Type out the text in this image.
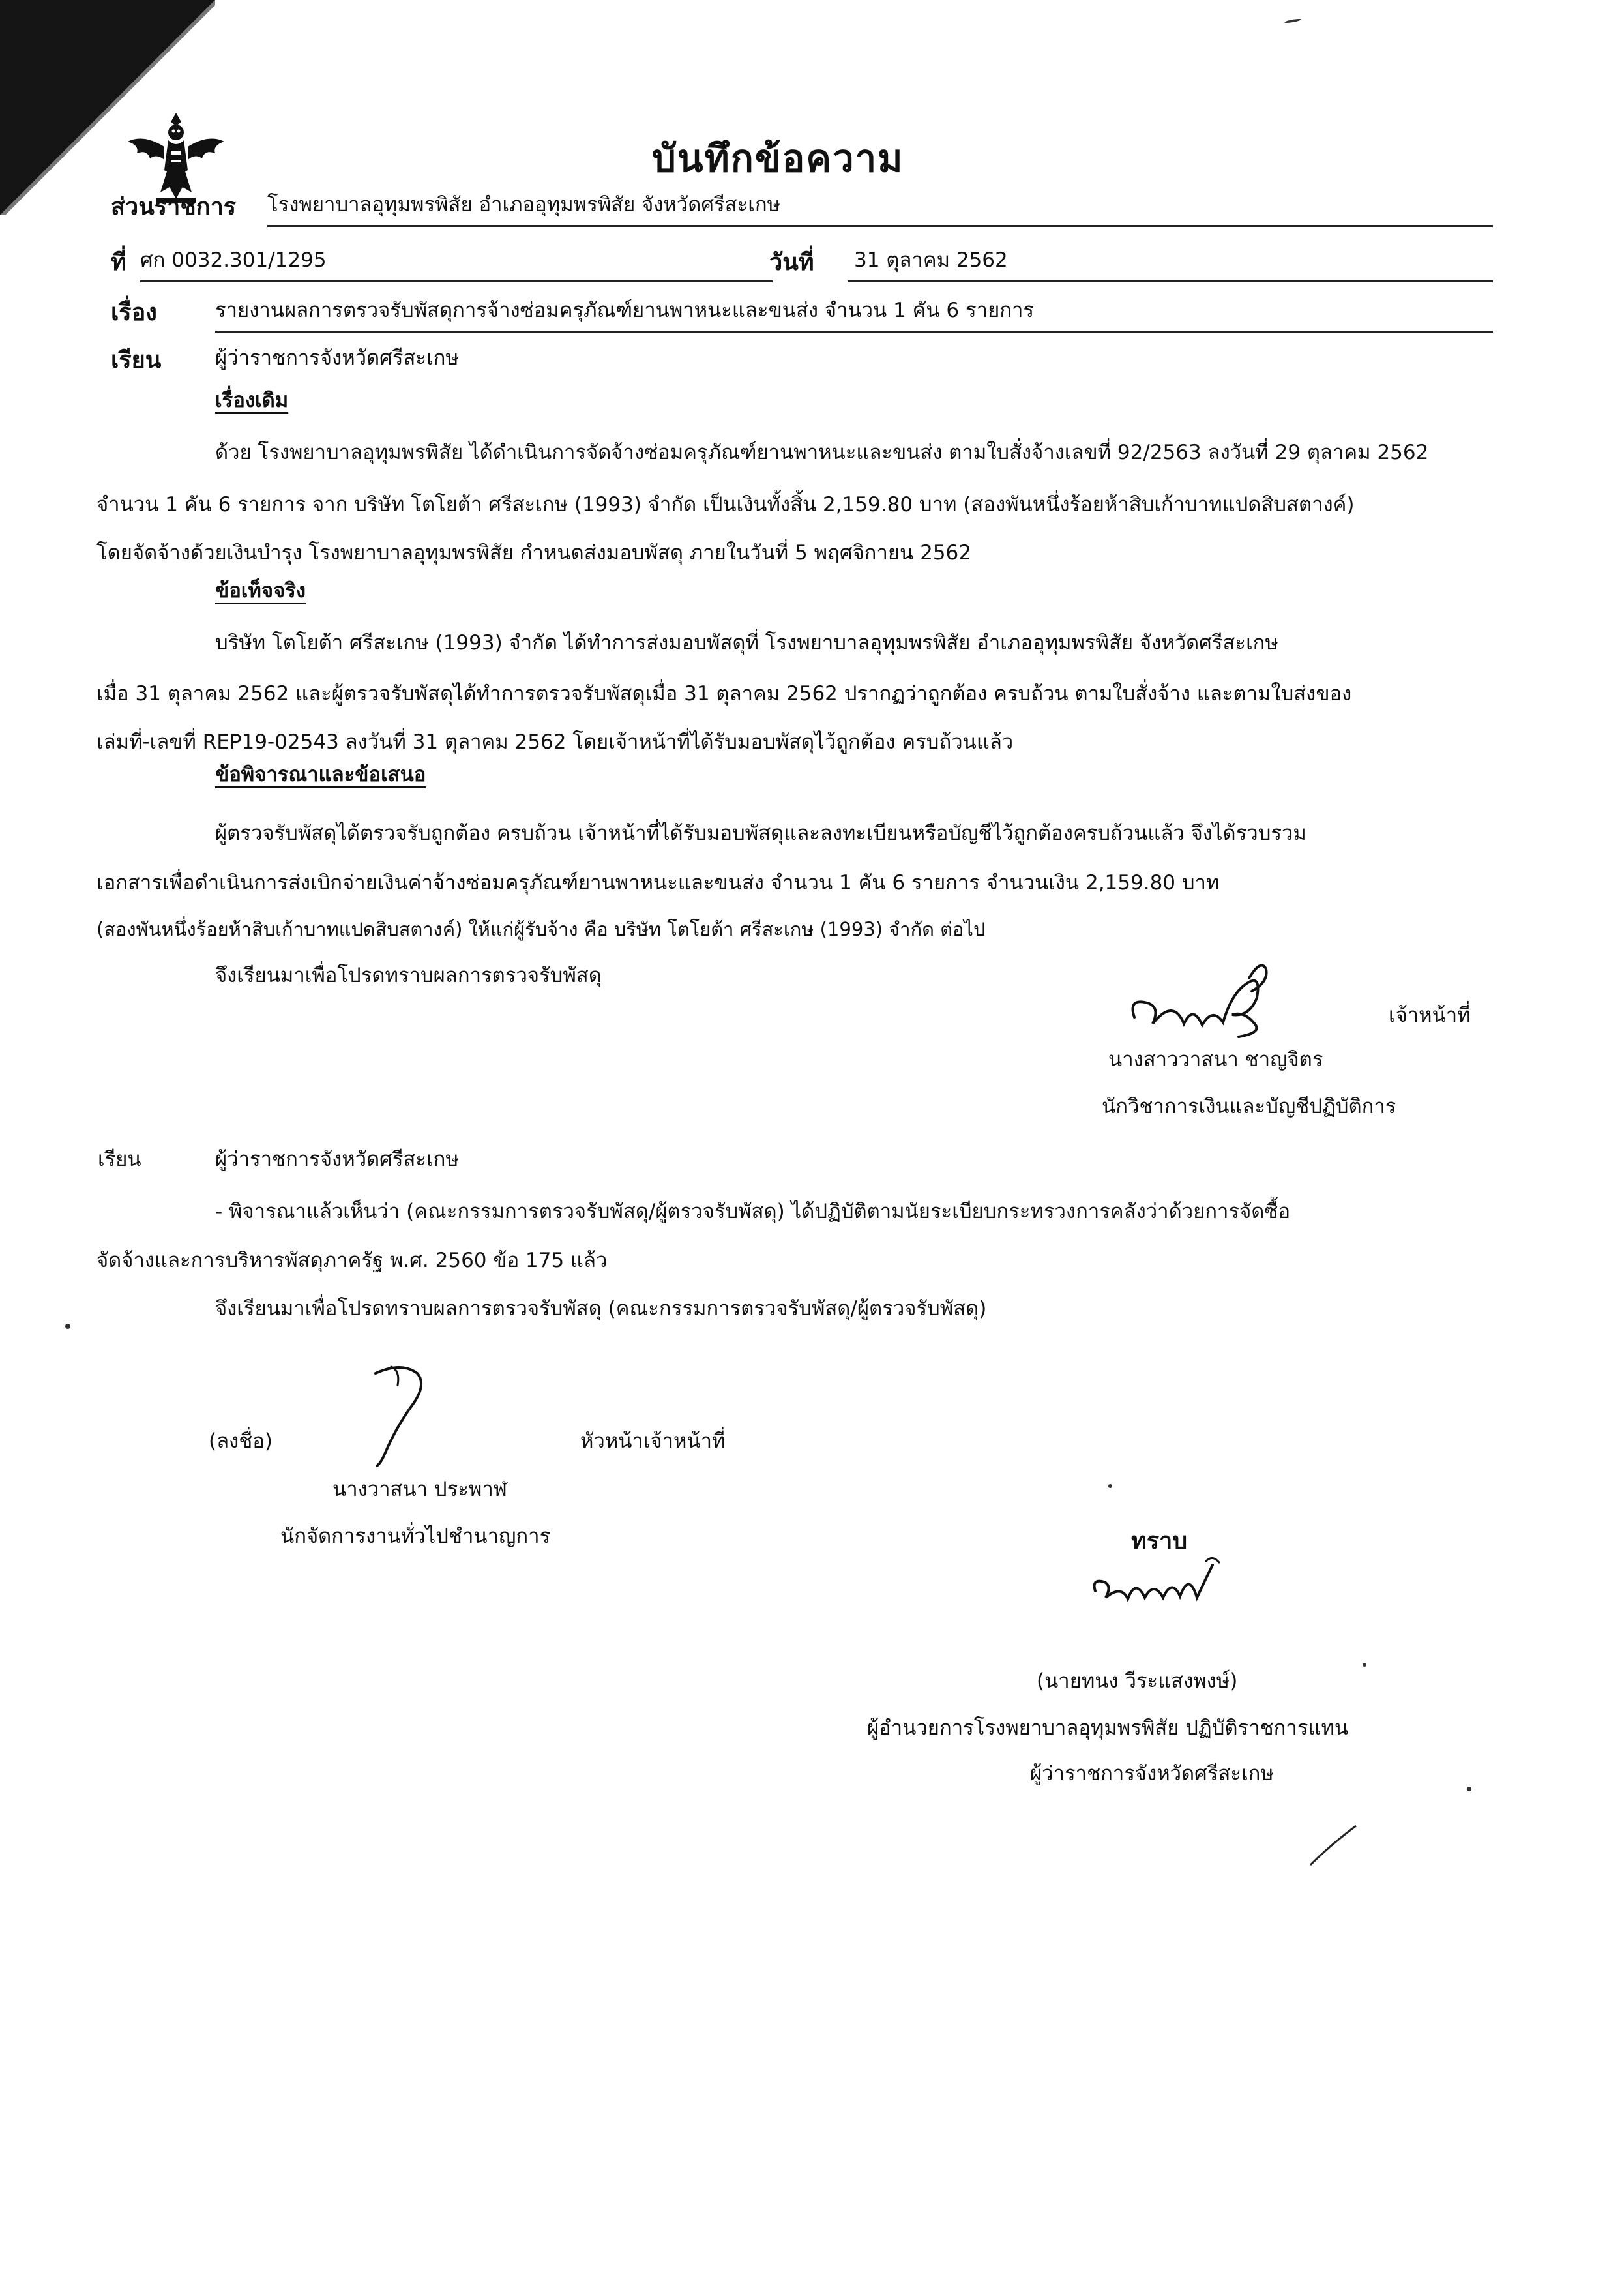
บันทึกข้อความ
ส่วนราชการ โรงพยาบาลอุทุมพรพิสัย อำเภออุทุมพรพิสัย จังหวัดศรีสะเกษ
ที่ ศก 0032.301/1295	วันที่ 31 ตุลาคม 2562
เรื่อง	รายงานผลการตรวจรับพัสดุการจ้างซ่อมครุภัณฑ์ยานพาหนะและขนส่ง จำนวน 1 คัน 6 รายการ
เรียน	ผู้ว่าราชการจังหวัดศรีสะเกษ
เรื่องเดิม
ด้วย โรงพยาบาลอุทุมพรพิสัย ได้ดำเนินการจัดจ้างซ่อมครุภัณฑ์ยานพาหนะและขนส่ง ตามใบสั่งจ้างเลขที่ 92/2563 ลงวันที่ 29 ตุลาคม 2562
จำนวน 1 คัน 6 รายการ จาก บริษัท โตโยต้า ศรีสะเกษ (1993) จำกัด เป็นเงินทั้งสิ้น 2,159.80 บาท (สองพันหนึ่งร้อยห้าสิบเก้าบาทแปดสิบสตางค์)
โดยจัดจ้างด้วยเงินบำรุง โรงพยาบาลอุทุมพรพิสัย กำหนดส่งมอบพัสดุ ภายในวันที่ 5 พฤศจิกายน 2562
ข้อเท็จจริง
บริษัท โตโยต้า ศรีสะเกษ (1993) จำกัด ได้ทำการส่งมอบพัสดุที่ โรงพยาบาลอุทุมพรพิสัย อำเภออุทุมพรพิสัย จังหวัดศรีสะเกษ
เมื่อ 31 ตุลาคม 2562 และผู้ตรวจรับพัสดุได้ทำการตรวจรับพัสดุเมื่อ 31 ตุลาคม 2562 ปรากฏว่าถูกต้อง ครบถ้วน ตามใบสั่งจ้าง และตามใบส่งของ
เล่มที่-เลขที่ REP19-02543 ลงวันที่ 31 ตุลาคม 2562 โดยเจ้าหน้าที่ได้รับมอบพัสดุไว้ถูกต้อง ครบถ้วนแล้ว
ข้อพิจารณาและข้อเสนอ
ผู้ตรวจรับพัสดุได้ตรวจรับถูกต้อง ครบถ้วน เจ้าหน้าที่ได้รับมอบพัสดุและลงทะเบียนหรือบัญชีไว้ถูกต้องครบถ้วนแล้ว จึงได้รวบรวม
เอกสารเพื่อดำเนินการส่งเบิกจ่ายเงินค่าจ้างซ่อมครุภัณฑ์ยานพาหนะและขนส่ง จำนวน 1 คัน 6 รายการ จำนวนเงิน 2,159.80 บาท
(สองพันหนึ่งร้อยห้าสิบเก้าบาทแปดสิบสตางค์) ให้แก่ผู้รับจ้าง คือ บริษัท โตโยต้า ศรีสะเกษ (1993) จำกัด ต่อไป
จึงเรียนมาเพื่อโปรดทราบผลการตรวจรับพัสดุ
เจ้าหน้าที่
นางสาววาสนา ชาญจิตร
นักวิชาการเงินและบัญชีปฏิบัติการ
เรียน	ผู้ว่าราชการจังหวัดศรีสะเกษ
- พิจารณาแล้วเห็นว่า (คณะกรรมการตรวจรับพัสดุ/ผู้ตรวจรับพัสดุ) ได้ปฏิบัติตามนัยระเบียบกระทรวงการคลังว่าด้วยการจัดซื้อ
จัดจ้างและการบริหารพัสดุภาครัฐ พ.ศ. 2560 ข้อ 175 แล้ว
จึงเรียนมาเพื่อโปรดทราบผลการตรวจรับพัสดุ (คณะกรรมการตรวจรับพัสดุ/ผู้ตรวจรับพัสดุ)
(ลงชื่อ)	หัวหน้าเจ้าหน้าที่
นางวาสนา ประพาฬ
นักจัดการงานทั่วไปชำนาญการ	ทราบ
(นายทนง วีระแสงพงษ์)
ผู้อำนวยการโรงพยาบาลอุทุมพรพิสัย ปฏิบัติราชการแทน
ผู้ว่าราชการจังหวัดศรีสะเกษ
